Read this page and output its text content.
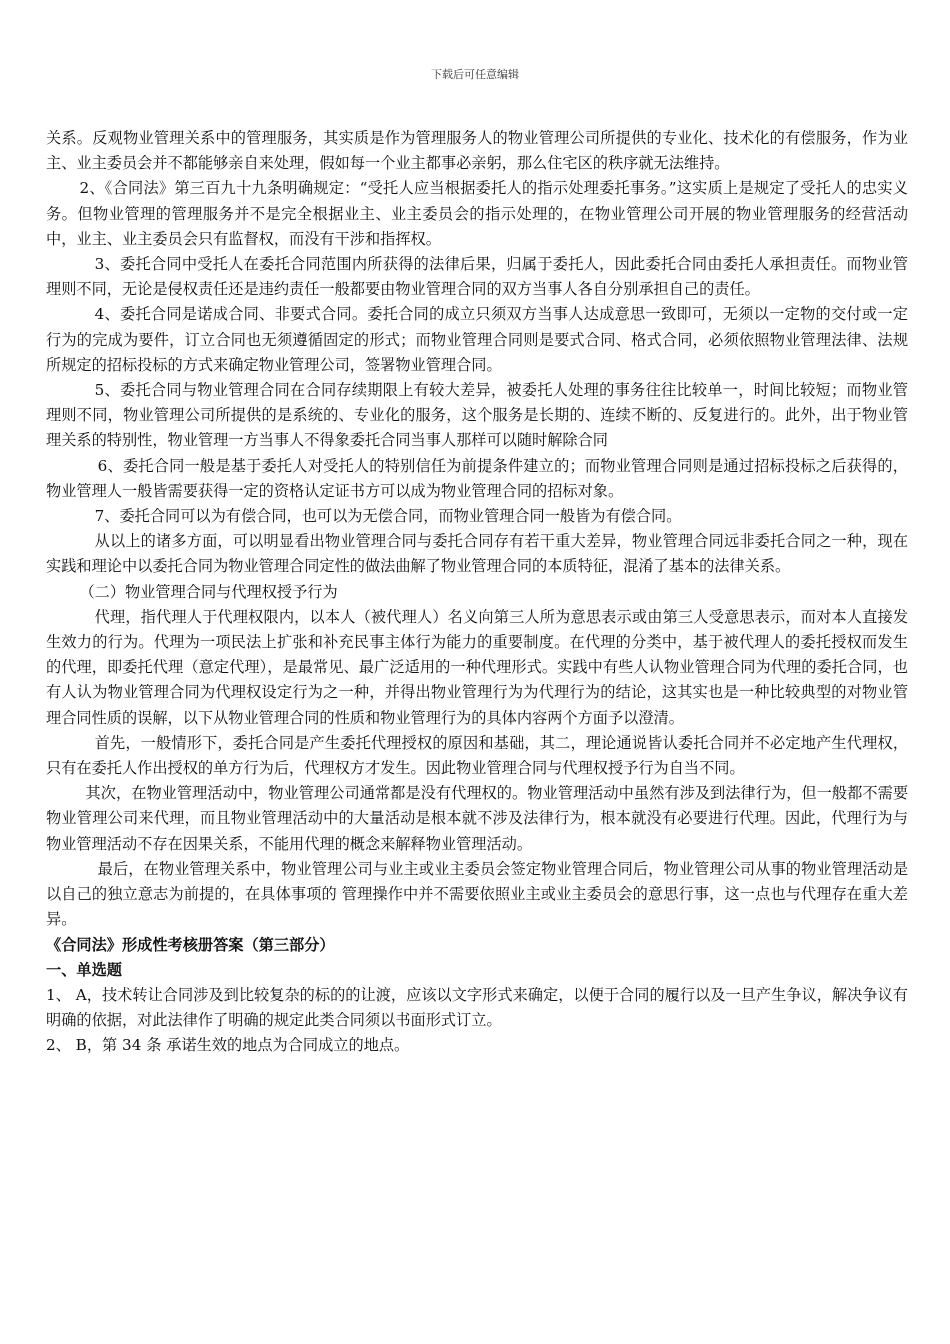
下载后可任意编辑

关系。反观物业管理关系中的管理服务，其实质是作为管理服务人的物业管理公司所提供的专业化、技术化的有偿服务，作为业主、业主委员会并不都能够亲自来处理，假如每一个业主都事必亲躬，那么住宅区的秩序就无法维持。

2、《合同法》第三百九十九条明确规定：“受托人应当根据委托人的指示处理委托事务。”这实质上是规定了受托人的忠实义务。但物业管理的管理服务并不是完全根据业主、业主委员会的指示处理的，在物业管理公司开展的物业管理服务的经营活动中，业主、业主委员会只有监督权，而没有干涉和指挥权。

3、委托合同中受托人在委托合同范围内所获得的法律后果，归属于委托人，因此委托合同由委托人承担责任。而物业管理则不同，无论是侵权责任还是违约责任一般都要由物业管理合同的双方当事人各自分别承担自己的责任。

4、委托合同是诺成合同、非要式合同。委托合同的成立只须双方当事人达成意思一致即可，无须以一定物的交付或一定行为的完成为要件，订立合同也无须遵循固定的形式；而物业管理合同则是要式合同、格式合同，必须依照物业管理法律、法规所规定的招标投标的方式来确定物业管理公司，签署物业管理合同。

5、委托合同与物业管理合同在合同存续期限上有较大差异，被委托人处理的事务往往比较单一，时间比较短；而物业管理则不同，物业管理公司所提供的是系统的、专业化的服务，这个服务是长期的、连续不断的、反复进行的。此外，出于物业管理关系的特别性，物业管理一方当事人不得象委托合同当事人那样可以随时解除合同

6、委托合同一般是基于委托人对受托人的特别信任为前提条件建立的；而物业管理合同则是通过招标投标之后获得的，物业管理人一般皆需要获得一定的资格认定证书方可以成为物业管理合同的招标对象。

7、委托合同可以为有偿合同，也可以为无偿合同，而物业管理合同一般皆为有偿合同。

从以上的诸多方面，可以明显看出物业管理合同与委托合同存有若干重大差异，物业管理合同远非委托合同之一种，现在实践和理论中以委托合同为物业管理合同定性的做法曲解了物业管理合同的本质特征，混淆了基本的法律关系。

（二）物业管理合同与代理权授予行为

代理，指代理人于代理权限内，以本人（被代理人）名义向第三人所为意思表示或由第三人受意思表示，而对本人直接发生效力的行为。代理为一项民法上扩张和补充民事主体行为能力的重要制度。在代理的分类中，基于被代理人的委托授权而发生的代理，即委托代理（意定代理），是最常见、最广泛适用的一种代理形式。实践中有些人认物业管理合同为代理的委托合同，也有人认为物业管理合同为代理权设定行为之一种，并得出物业管理行为为代理行为的结论，这其实也是一种比较典型的对物业管理合同性质的误解，以下从物业管理合同的性质和物业管理行为的具体内容两个方面予以澄清。

首先，一般情形下，委托合同是产生委托代理授权的原因和基础，其二，理论通说皆认委托合同并不必定地产生代理权，只有在委托人作出授权的单方行为后，代理权方才发生。因此物业管理合同与代理权授予行为自当不同。

其次，在物业管理活动中，物业管理公司通常都是没有代理权的。物业管理活动中虽然有涉及到法律行为，但一般都不需要物业管理公司来代理，而且物业管理活动中的大量活动是根本就不涉及法律行为，根本就没有必要进行代理。因此，代理行为与物业管理活动不存在因果关系，不能用代理的概念来解释物业管理活动。

最后，在物业管理关系中，物业管理公司与业主或业主委员会签定物业管理合同后，物业管理公司从事的物业管理活动是以自己的独立意志为前提的，在具体事项的 管理操作中并不需要依照业主或业主委员会的意思行事，这一点也与代理存在重大差异。

《合同法》形成性考核册答案（第三部分）

一、单选题

1、 A，技术转让合同涉及到比较复杂的标的的让渡，应该以文字形式来确定，以便于合同的履行以及一旦产生争议，解决争议有明确的依据，对此法律作了明确的规定此类合同须以书面形式订立。

2、 B，第 34 条 承诺生效的地点为合同成立的地点。
